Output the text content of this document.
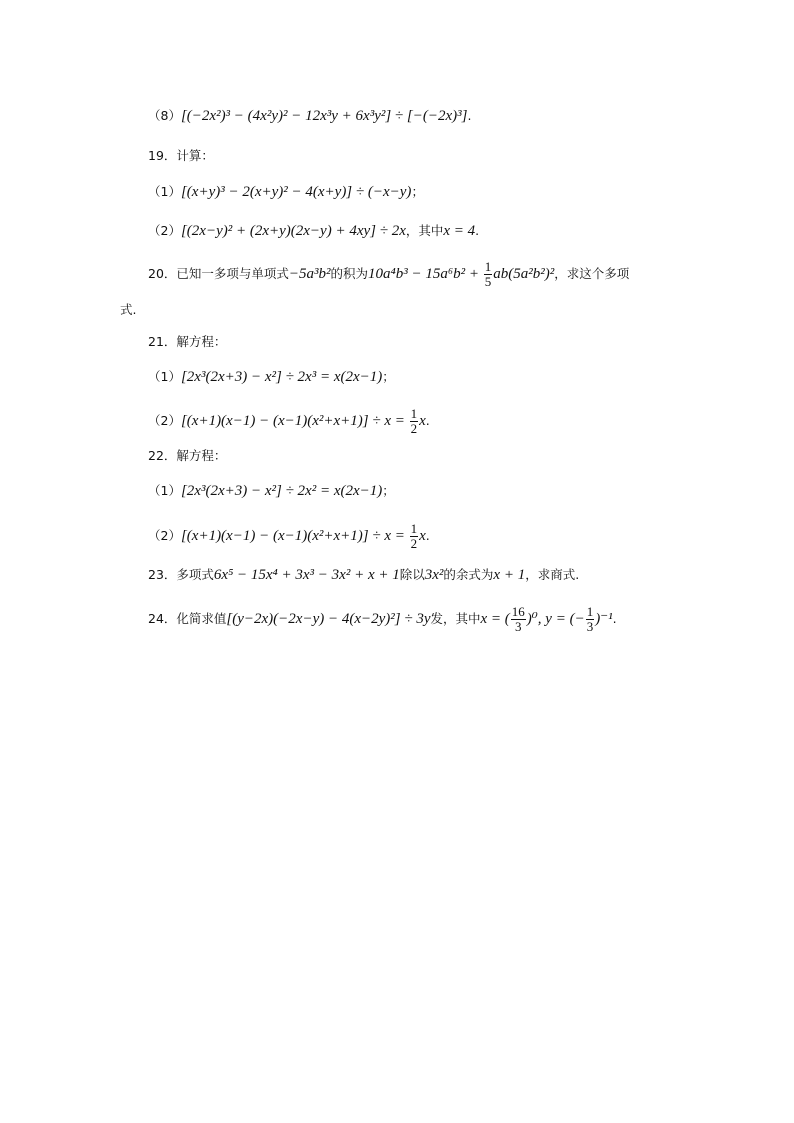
（8）[(−2x²)³ − (4x²y)² − 12x³y + 6x³y²] ÷ [−(−2x)³].
19．计算：
（1）[(x+y)³ − 2(x+y)² − 4(x+y)] ÷ (−x−y)；
（2）[(2x−y)² + (2x+y)(2x−y) + 4xy] ÷ 2x，其中x = 4.
20．已知一多项与单项式−5a³b²的积为$10a^4b^3 - 15a^6b^2 + \frac{1}{5} ab(5a^2b^2)^2$，求这个多项
式.
21．解方程：
（1）[2x³(2x+3) − x²] ÷ 2x³ = x(2x−1)；
$(2)[(x+1)(x-1) - (x-1)(x^2+x+1)] \div x = \frac{1}{2} x$.
22．解方程：
（1）[2x³(2x+3) − x²] ÷ 2x² = x(2x−1)；
$(2)[(x+1)(x-1) - (x-1)(x^2+x+1)] \div x = \frac{1}{2} x$.
23．多项式6x⁵ − 15x⁴ + 3x³ − 3x² + x + 1除以3x²的余式为x + 1，求商式.
24．化简求值[(y−2x)(−2x−y) − 4(x−2y)²] ÷ 3y发，其中x = ( $\frac{16}{3} )^0$, y = (− $\frac{1}{3} )^{-1}$.
